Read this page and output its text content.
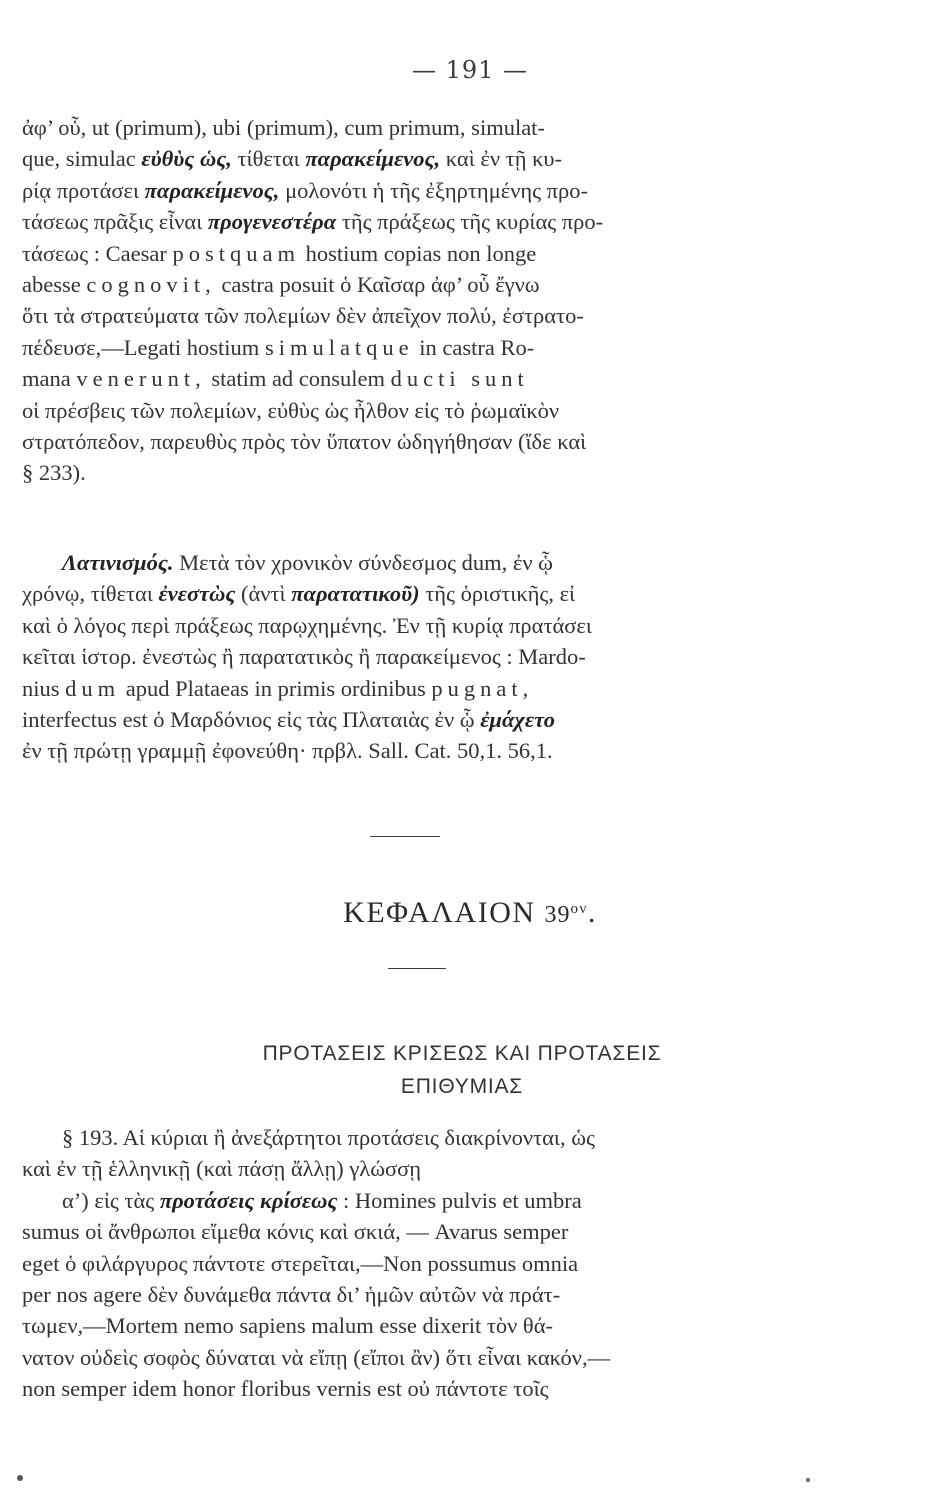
— 191 —
ἀφ’ οὗ, ut (primum), ubi (primum), cum primum, simulat-
que, simulac εὐθὺς ὡς, τίθεται παρακείμενος, καὶ ἐν τῇ κυ-
ρίᾳ προτάσει παρακείμενος, μολονότι ἡ τῆς ἐξηρτημένης προ-
τάσεως πρᾶξις εἶναι προγενεστέρα τῆς πράξεως τῆς κυρίας προ-
τάσεως : Caesar postquam hostium copias non longe
abesse cognovit, castra posuit ὁ Καῖσαρ ἀφ’ οὗ ἔγνω
ὅτι τὰ στρατεύματα τῶν πολεμίων δὲν ἀπεῖχον πολύ, ἐστρατο-
πέδευσε,—Legati hostium simulatque in castra Ro-
mana venerunt, statim ad consulem ducti sunt
οἱ πρέσβεις τῶν πολεμίων, εὐθὺς ὡς ἦλθον εἰς τὸ ῥωμαϊκὸν
στρατόπεδον, παρευθὺς πρὸς τὸν ὕπατον ὡδηγήθησαν (ἴδε καὶ
§ 233).
Λατινισμός. Μετὰ τὸν χρονικὸν σύνδεσμος dum, ἐν ᾧ
χρόνῳ, τίθεται ἐνεστὼς (ἀντὶ παρατατικοῦ) τῆς ὁριστικῆς, εἰ
καὶ ὁ λόγος περὶ πράξεως παρῳχημένης. Ἐν τῇ κυρίᾳ πρατάσει
κεῖται ἱστορ. ἐνεστὼς ἢ παρατατικὸς ἢ παρακείμενος : Mardo-
nius dum apud Plataeas in primis ordinibus pugnat,
interfectus est ὁ Μαρδόνιος εἰς τὰς Πλαταιὰς ἐν ᾧ ἐμάχετο
ἐν τῇ πρώτῃ γραμμῇ ἐφονεύθη· πρβλ. Sall. Cat. 50,1. 56,1.
ΚΕΦΑΛΑΙΟΝ $39^{o\nu}$.
ΠΡΟΤΑΣΕΙΣ ΚΡΙΣΕΩΣ ΚΑΙ ΠΡΟΤΑΣΕΙΣ
ΕΠΙΘΥΜΙΑΣ
§ 193. Αἱ κύριαι ἢ ἀνεξάρτητοι προτάσεις διακρίνονται, ὡς
καὶ ἐν τῇ ἑλληνικῇ (καὶ πάσῃ ἄλλῃ) γλώσσῃ
α’) εἰς τὰς προτάσεις κρίσεως : Homines pulvis et umbra
sumus οἱ ἄνθρωποι εἴμεθα κόνις καὶ σκιά, — Avarus semper
eget ὁ φιλάργυρος πάντοτε στερεῖται,—Non possumus omnia
per nos agere δὲν δυνάμεθα πάντα δι’ ἡμῶν αὐτῶν νὰ πράτ-
τωμεν,—Mortem nemo sapiens malum esse dixerit τὸν θά-
νατον οὐδεὶς σοφὸς δύναται νὰ εἴπῃ (εἴποι ἂν) ὅτι εἶναι κακόν,—
non semper idem honor floribus vernis est οὐ πάντοτε τοῖς
